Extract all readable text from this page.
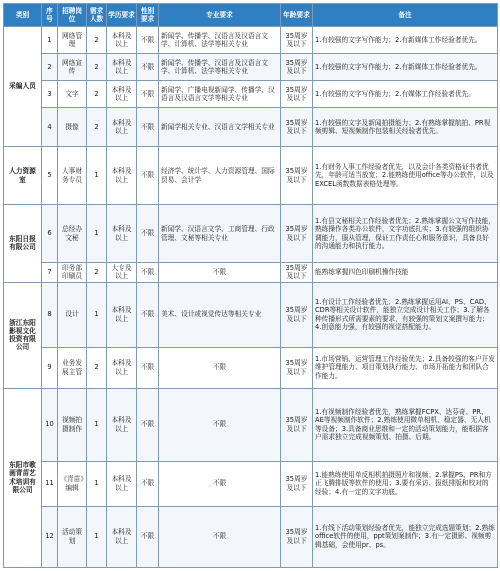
类别	序号	招聘岗位	需求人数	学历要求	性别要求	专业要求	年龄要求	备注
采编人员	1	网络管理	2	本科及以上	不限	新闻学、传播学、汉语言及汉语言文学、计算机、法学等相关专业	35周岁及以下	1.有较强的文字写作能力；2.有新媒体工作经验者优先。
	2	网络宣传	2	本科及以上	不限	新闻学、传播学、汉语言及汉语言文学、计算机、法学等相关专业	35周岁及以下	1.有较强的文字写作能力；2.有新媒体工作经验者优先。
	3	文字	2	本科及以上	不限	新闻学、广播电视新闻学、传播学、汉语言及汉语言文学等相关专业	35周岁及以下	1.有较强的文字写作能力；2.有媒体工作经验者优先。
	4	摄像	2	本科及以上	不限	新闻学相关专业、汉语言文学相关专业	35周岁及以下	1.有较强的文字及新闻拍摄能力；2.有熟练掌握航拍、PR视频剪辑、短视频制作包装相关经验者优先。
人力资源室	5	人事财务专员	1	本科及以上	不限	经济学、统计学、人力资源管理、国际贸易、会计学	35周岁及以下	1.有财务人事工作经验者优先，以及会计各类资格证书者优先，年龄可适当放宽；2.能熟练使用office等办公软件，以及EXCEL函数数据表格处理等。
东阳日报有限公司	6	总经办文秘	1	本科及以上	不限	新闻学、汉语言文学、工商管理、行政管理、文秘等相关专业	35周岁及以下	1.有县文秘相关工作经验者优先；2.熟练掌握公文写作技能，熟练操作各类办公软件，文字功底扎实；3.有较强的组织协调能力，服从管理，保证工作责任心和服务意识，具备良好的沟通能力和执行能力。
	7	印务部印刷员	2	大专及以上	不限	不限	35周岁及以下	能熟练掌握四色印刷机操作技能
浙江东阳影视文化投资有限公司	8	设计	1	本科及以上	不限	美术、设计或视觉传达等相关专业	35周岁及以下	1.有设计工作经验者优先；2.熟练掌握运用AI、PS、CAD、CDR等相关设计软件，能独立完成设计相关工作；3.了解各种传播形式所需要素的要求，有较强的策划文案撰写能力；4.创意能力强，有较强的视觉搭配能力。
	9	业务发展主管	2	本科及以上	不限	不限	35周岁及以下	1.市场营销、运营管理工作经验优先；2.具备较强的客户开发维护管理能力、项目策划执行能力、市场开拓能力和团队合作能力。
东阳市歌画青苗艺术培训有限公司	10	视频拍摄制作	1	本科及以上	不限	不限	35周岁及以下	1.有视频制作经验者优先，熟练掌握FCPX、达芬奇、PR、AE等视频制作软件；2.熟练使用微单相机、稳定器、无人机等设备；3.具备商业思维和一定的活动策划能力，能根据客户需求独立完成视频策划、拍摄、后期。
	11	《青苗》编辑	1	本科及以上	不限	不限	35周岁及以下	1.能熟练使用单反相机拍摄照片和视频；2.掌握PS、PR和方正飞腾排版等软件的使用；3.要有采访、报纸排版和校对的经验；4.有一定的文字功底。
	12	活动策划	1	本科及以上	不限	不限	35周岁及以下	1.有线下活动策划经验者优先，能独立完成选题策划；2.熟练office软件的使用，ppt策划案制作；3.有一定摄影、视频剪辑基础，会使用pr、ps。
